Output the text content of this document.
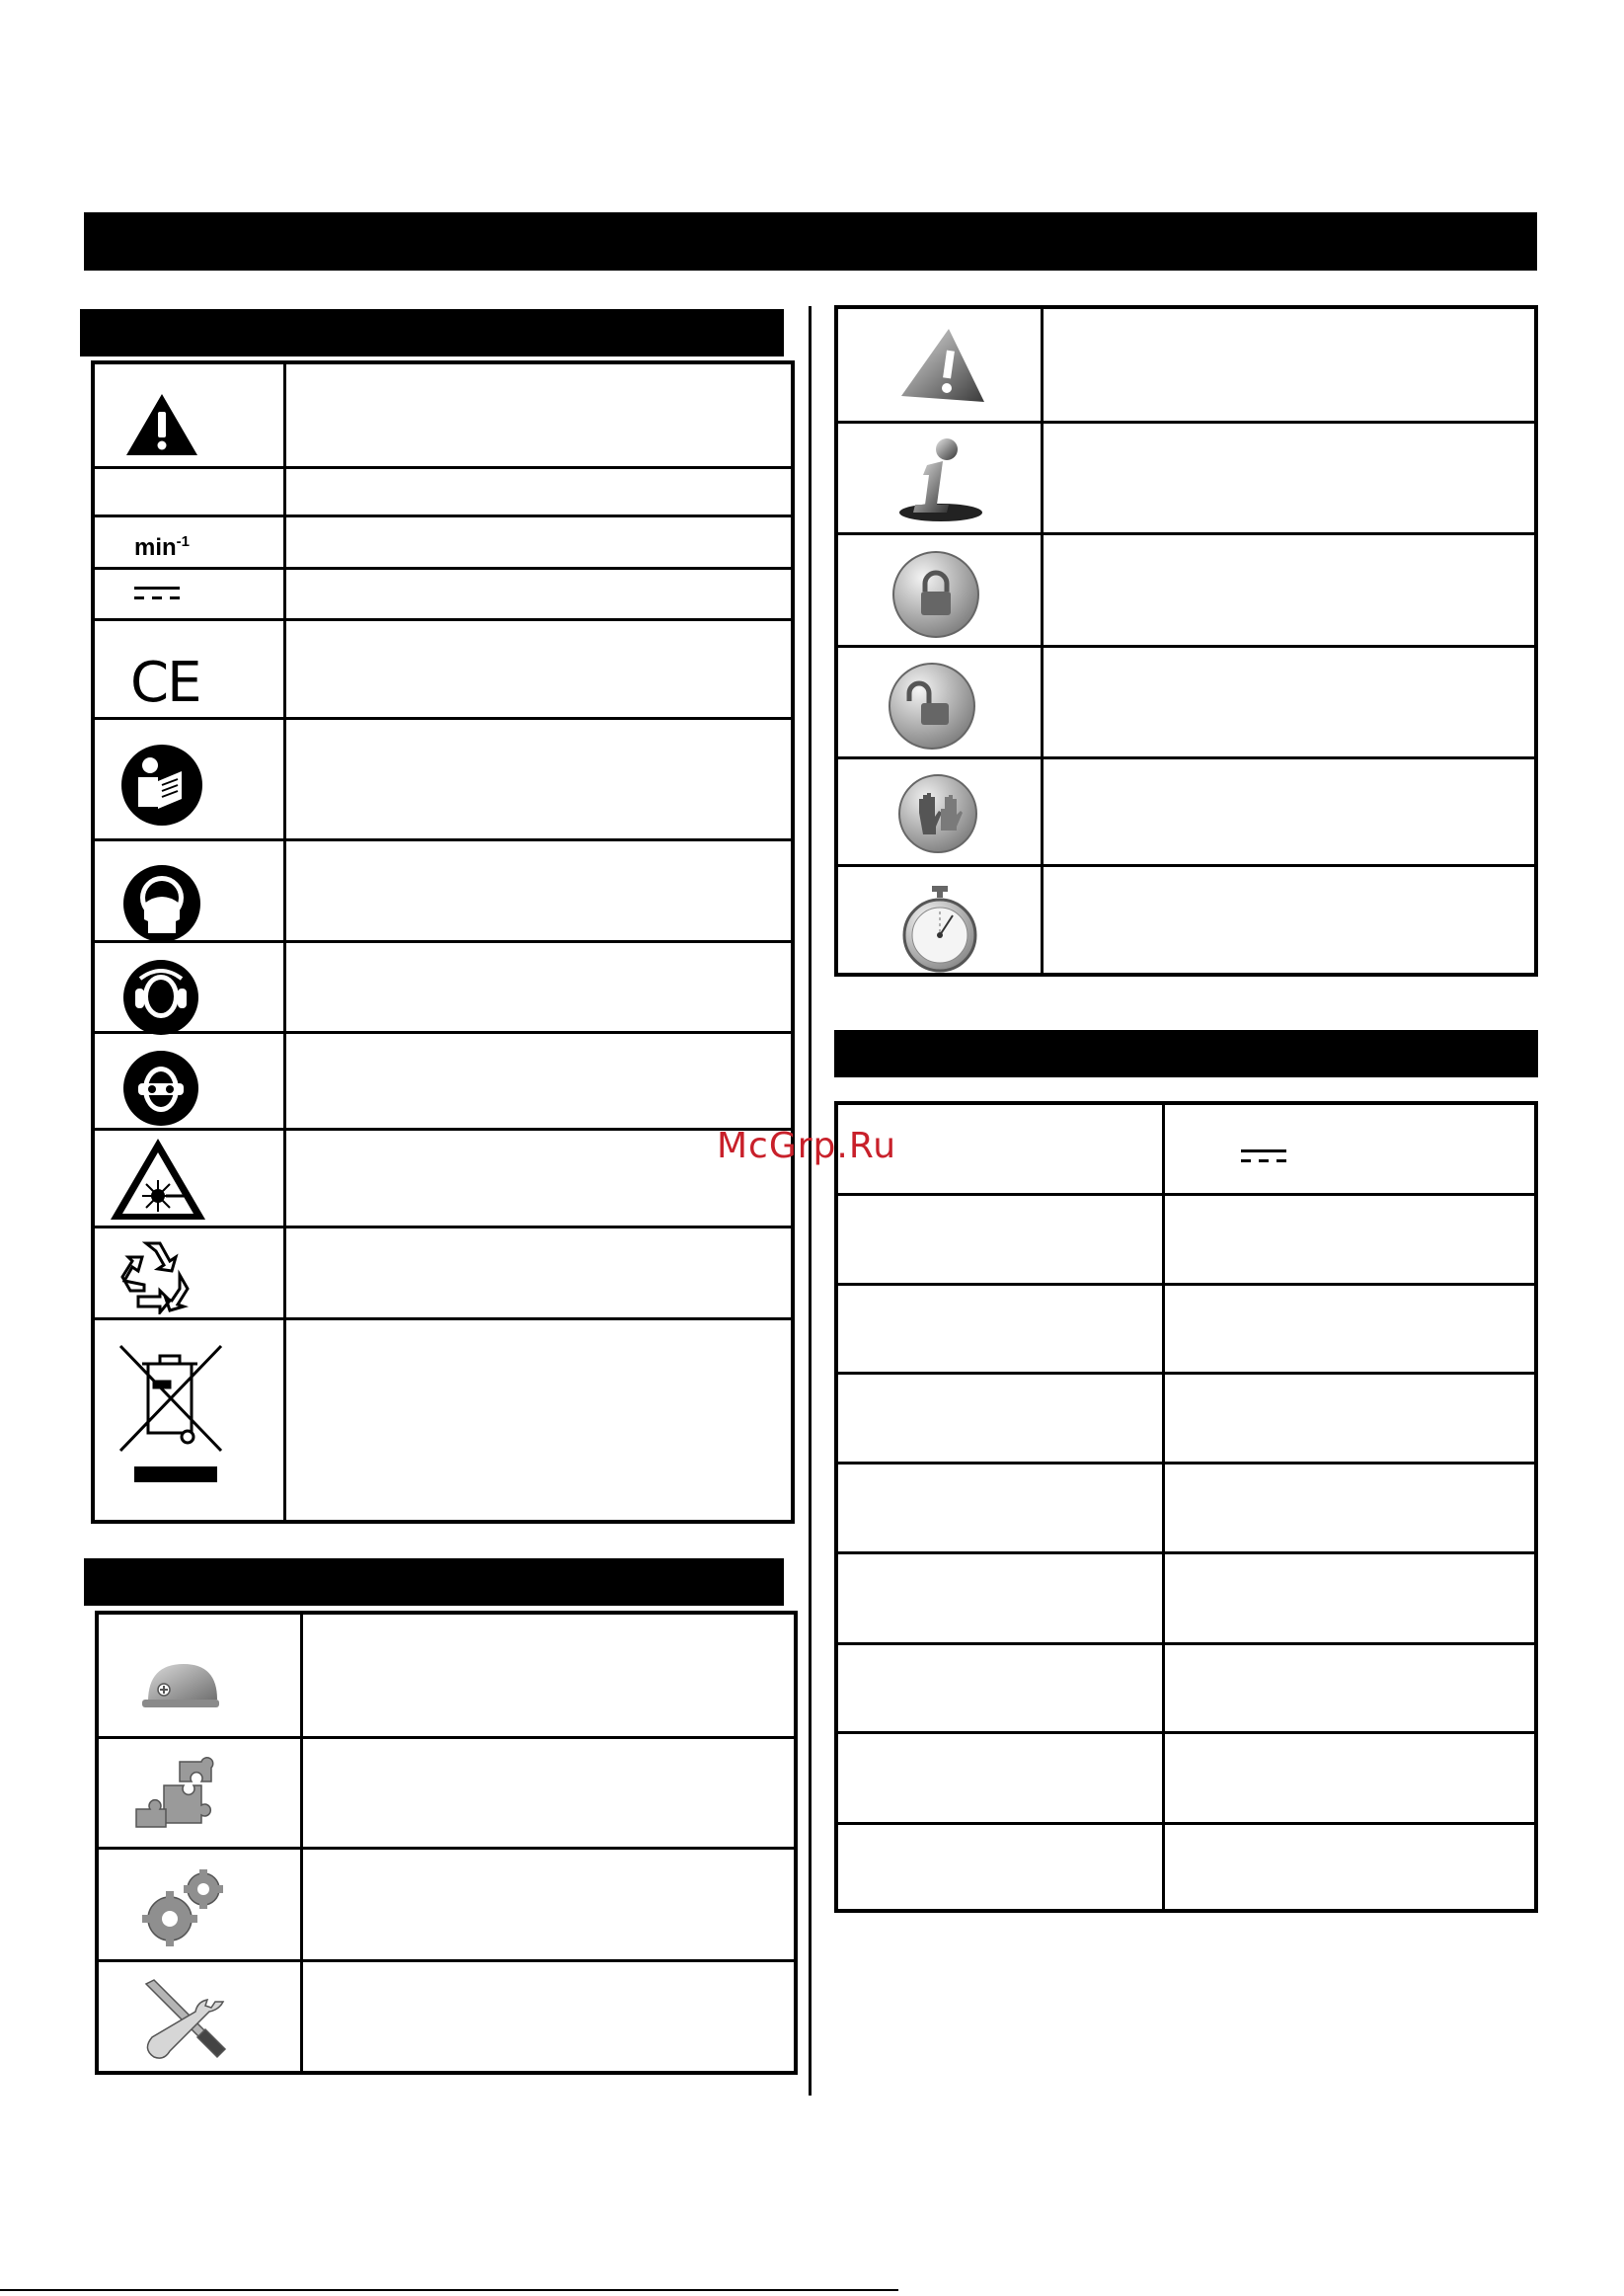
$\min^{-1}$
CE
McGrp.Ru
